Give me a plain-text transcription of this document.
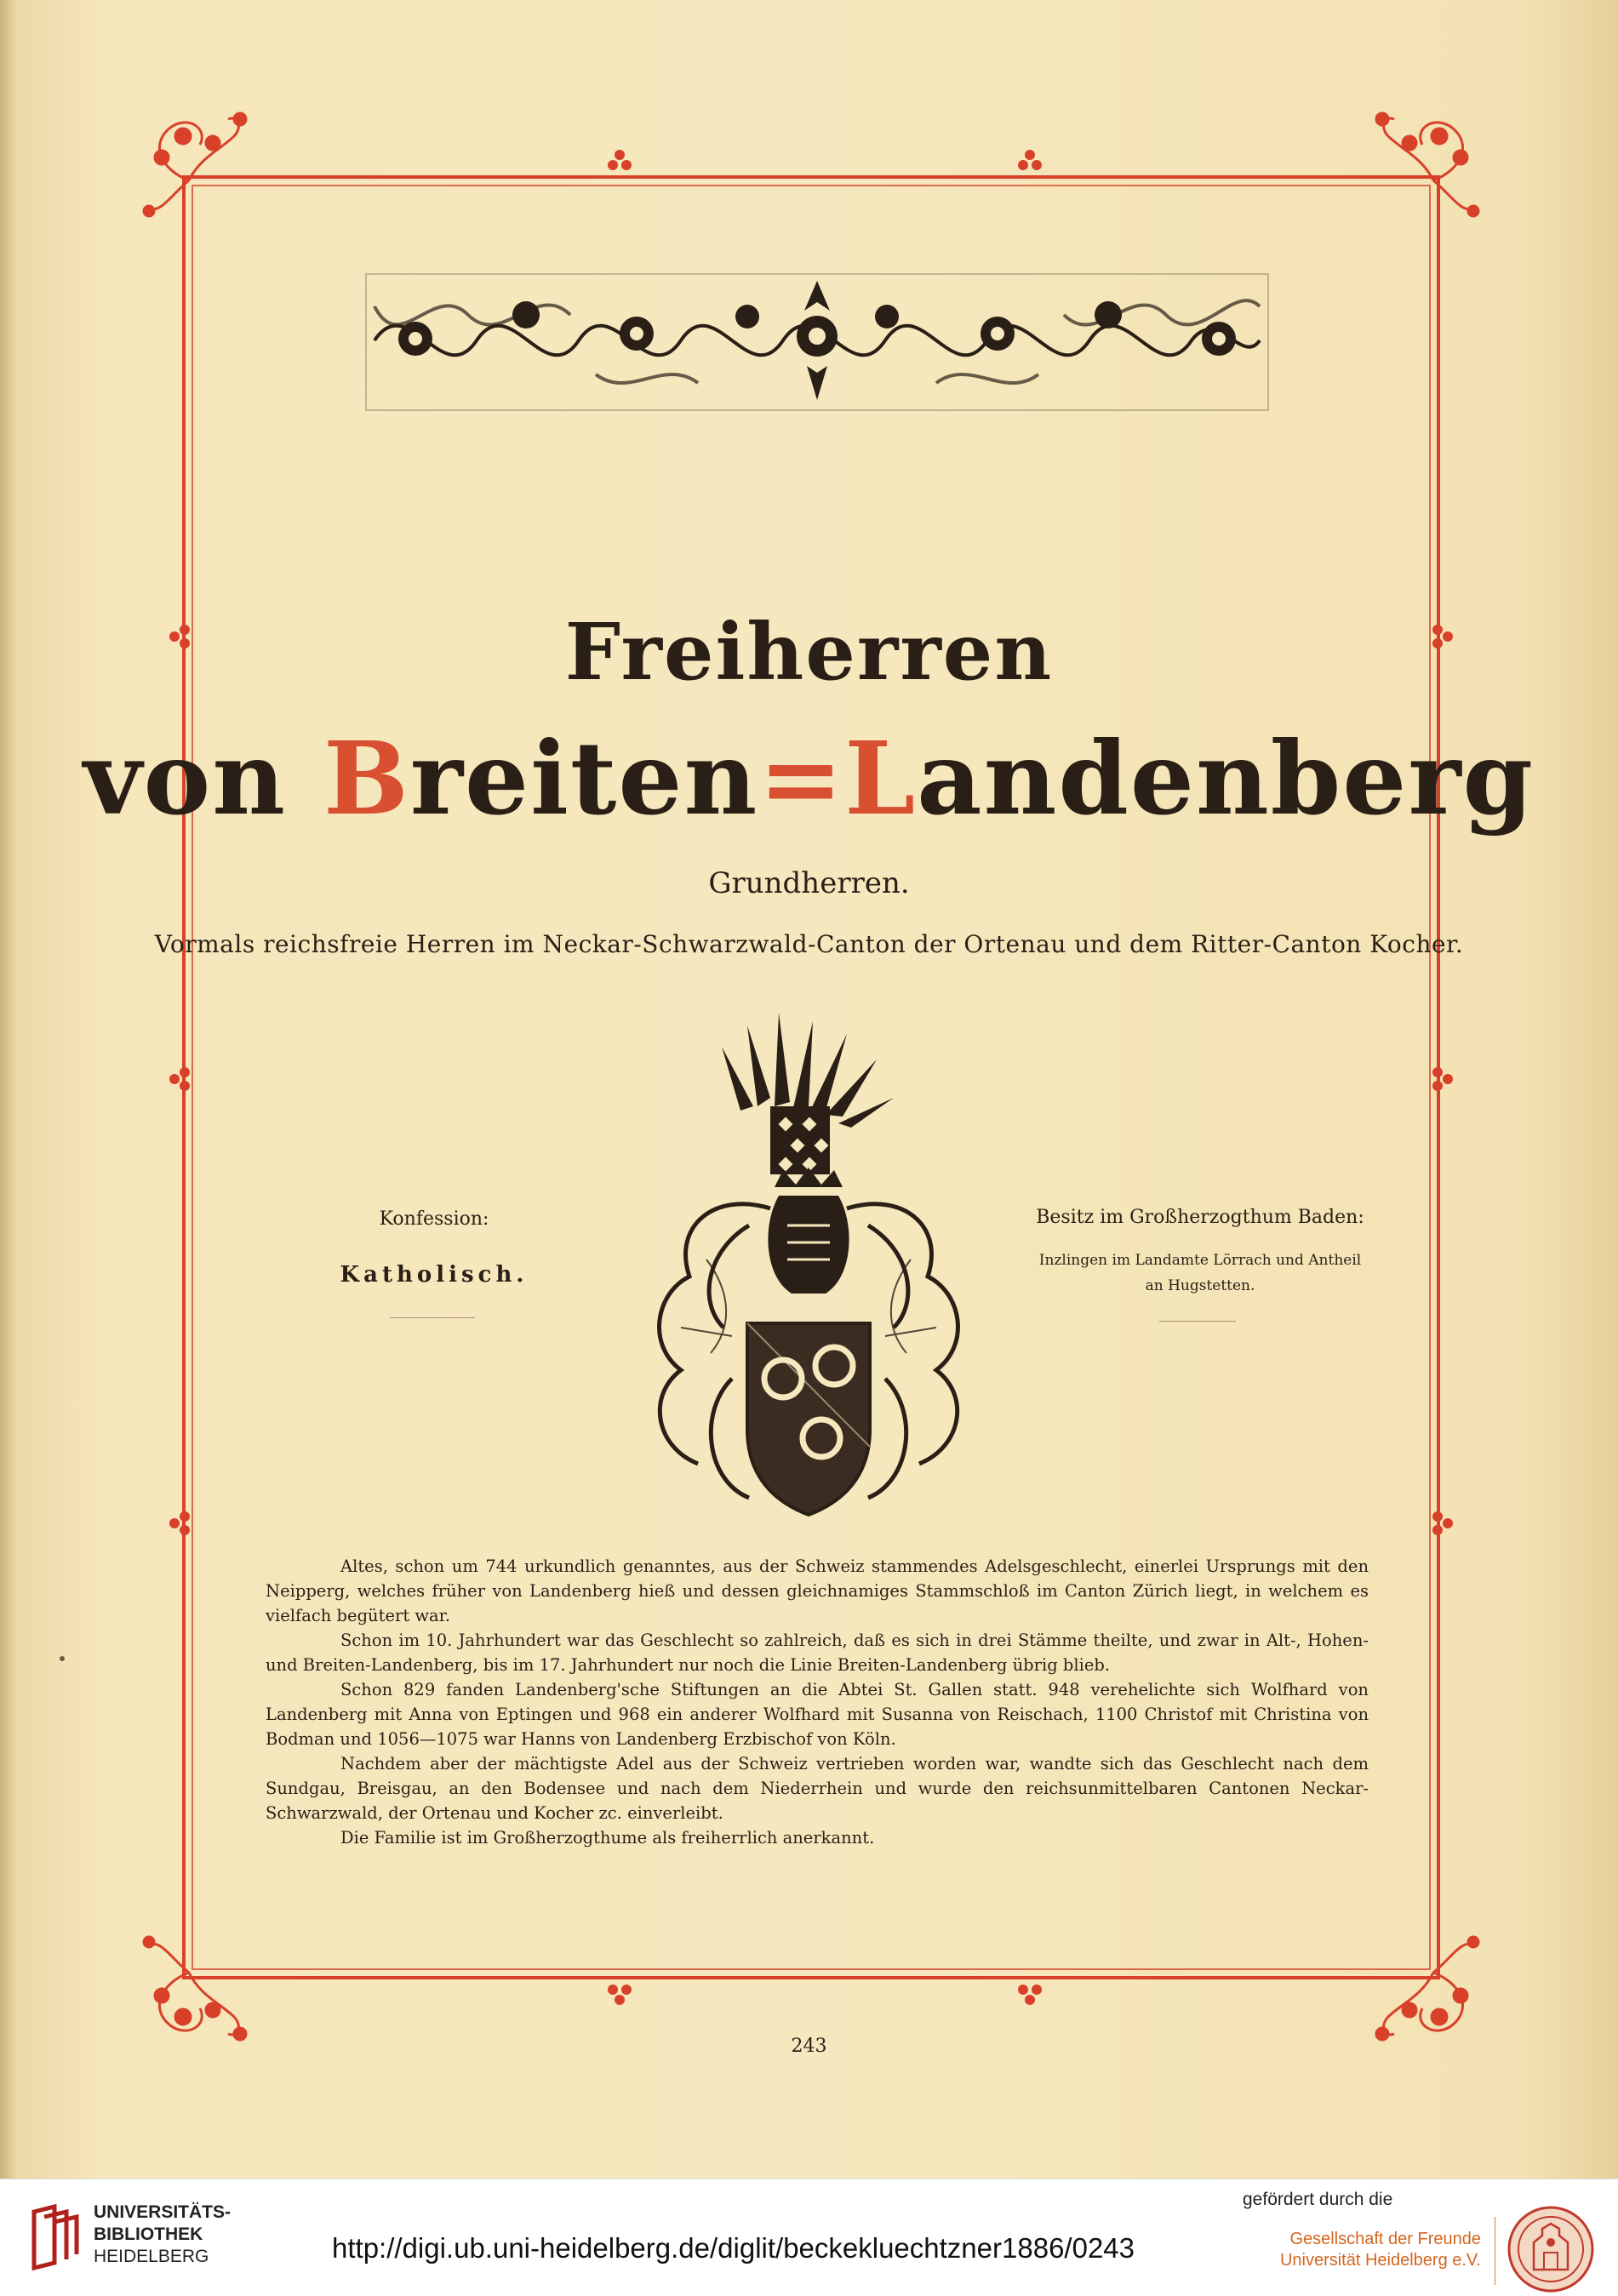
Freiherren
von Breiten=Landenberg
Grundherren.
Vormals reichsfreie Herren im Neckar-Schwarzwald-Canton der Ortenau und dem Ritter-Canton Kocher.
Konfession:
Katholisch.
Besitz im Großherzogthum Baden:
Inzlingen im Landamte Lörrach und Antheil an Hugstetten.

Altes, schon um 744 urkundlich genanntes, aus der Schweiz stammendes Adelsgeschlecht, einerlei Ursprungs mit den Neipperg, welches früher von Landenberg hieß und dessen gleichnamiges Stammschloß im Canton Zürich liegt, in welchem es vielfach begütert war.

Schon im 10. Jahrhundert war das Geschlecht so zahlreich, daß es sich in drei Stämme theilte, und zwar in Alt-, Hohen- und Breiten-Landenberg, bis im 17. Jahrhundert nur noch die Linie Breiten-Landenberg übrig blieb.

Schon 829 fanden Landenberg'sche Stiftungen an die Abtei St. Gallen statt. 948 verehelichte sich Wolfhard von Landenberg mit Anna von Eptingen und 968 ein anderer Wolfhard mit Susanna von Reischach, 1100 Christof mit Christina von Bodman und 1056—1075 war Hanns von Landenberg Erzbischof von Köln.

Nachdem aber der mächtigste Adel aus der Schweiz vertrieben worden war, wandte sich das Geschlecht nach dem Sundgau, Breisgau, an den Bodensee und nach dem Niederrhein und wurde den reichsunmittelbaren Cantonen Neckar-Schwarzwald, der Ortenau und Kocher zc. einverleibt.

Die Familie ist im Großherzogthume als freiherrlich anerkannt.

243
UNIVERSITÄTS-
BIBLIOTHEK
HEIDELBERG	http://digi.ub.uni-heidelberg.de/diglit/beckekluechtzner1886/0243
gefördert durch die
Gesellschaft der Freunde
Universität Heidelberg e.V.
